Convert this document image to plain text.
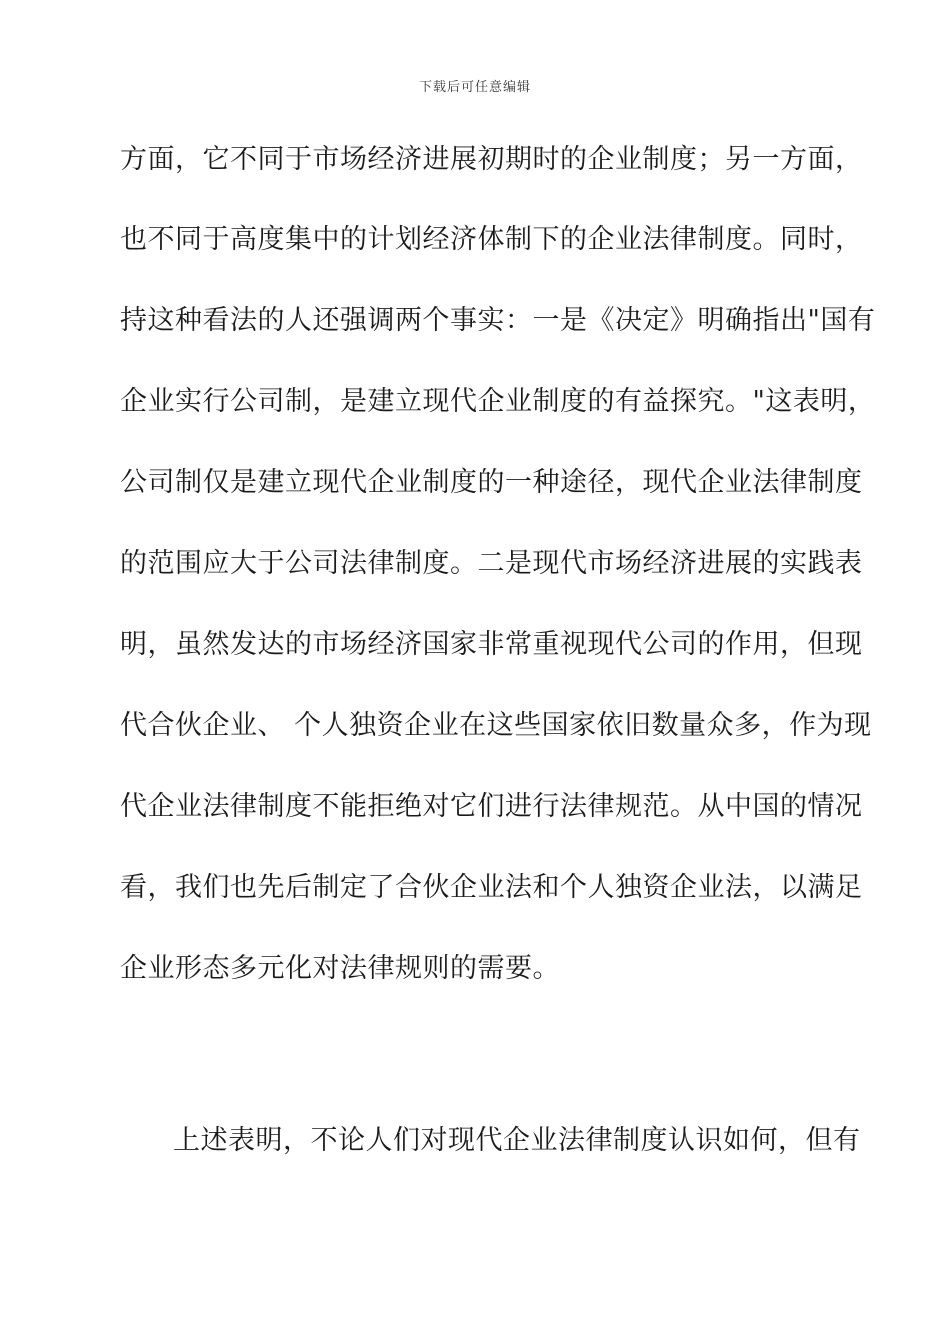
下载后可任意编辑
方面，它不同于市场经济进展初期时的企业制度；另一方面，
也不同于高度集中的计划经济体制下的企业法律制度。同时，
持这种看法的人还强调两个事实：一是《决定》明确指出"国有
企业实行公司制，是建立现代企业制度的有益探究。"这表明，
公司制仅是建立现代企业制度的一种途径，现代企业法律制度
的范围应大于公司法律制度。二是现代市场经济进展的实践表
明，虽然发达的市场经济国家非常重视现代公司的作用，但现
代合伙企业、 个人独资企业在这些国家依旧数量众多，作为现
代企业法律制度不能拒绝对它们进行法律规范。从中国的情况
看，我们也先后制定了合伙企业法和个人独资企业法，以满足
企业形态多元化对法律规则的需要。
上述表明，不论人们对现代企业法律制度认识如何，但有
